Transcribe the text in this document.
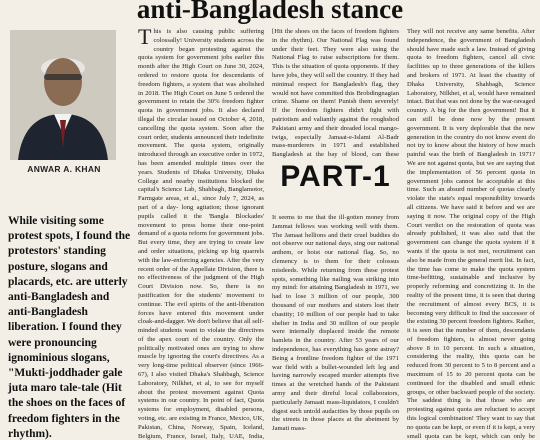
anti-Bangladesh stance
ANWAR A. KHAN
While visiting some protest spots, I found the protestors' standing posture, slogans and placards, etc. are utterly anti-Bangladesh and anti-Bangladesh liberation. I found they were pronouncing ignominious slogans, "Mukti-joddhader gale juta maro tale-tale (Hit the shoes on the faces of freedom fighters in the rhythm).

This is also causing public suffering colossally! University students across the country began protesting against the quota system for government jobs earlier this month after the High Court on June 30, 2024, ordered to restore quota for descendants of freedom fighters, a system that was abolished in 2018. The High Court on June 5 ordered the government to retain the 30% freedom fighter quota in government jobs. It also declared illegal the circular issued on October 4, 2018, cancelling the quota system. Soon after the court order, students announced their indefinite movement. The quota system, originally introduced through an executive order in 1972, has been amended multiple times over the years. Students of Dhaka University, Dhaka College and nearby institutions blocked the capital's Science Lab, Shahbagh, Banglamotor, Farmgate areas, et al., since July 7, 2024, as part of a day- long agitation; those ignorant pupils called it the 'Bangla Blockades' movement to press home their one-point demand of a quota reform for government jobs. But every time, they are trying to create law and order situations, picking up big quarrels with the law-enforcing agencies. After the very recent order of the Appellate Division, there is no effectiveness of the judgment of the High Court Division now. So, there is no justification for the students' movement to continue. The evil spirits of the anti-liberation forces have entered this movement under cloak-and-dagger. We don't believe that all self-minded students want to violate the directives of the apex court of the country. Only the politically motivated ones are trying to show muscle by ignoring the court's directives. As a very long-time political observer (since 1966-67), I also visited Dhaka's Shahbagh, Science Laboratory, Nilkhet, et al, to see for myself about the protest movement against Quota systems in our country. In point of fact, Quota systems for employment, disabled persons, voting, etc. are existing in France, Mexico, UK, Pakistan, China, Norway, Spain, Iceland, Belgium, France, Israel, Italy, UAE, India,

[Hit the shoes on the faces of freedom fighters in the rhythm). Our National Flag was found under their feet. They were also using the National Flag to raise subscriptions for them. This is the situation of quota opponents. If they have jobs, they will sell the country. If they had minimal respect for Bangladesh's flag, they would not have committed this Brobdingnagian crime. Shame on them! Punish them severely! If the freedom fighters didn't fight with patriotism and valiantly against the roughshod Pakistani army and their dreaded local mango-twigs, especially Jamaat-e-Islami Al-Badr mass-murderers in 1971 and established Bangladesh at the bay of blood, can these

PART-1

It seems to me that the ill-gotten money from Jammat fellows was working well with them. The Jamaat hellions and their cruel buddies do not observe our national days, sing our national anthem, or hoist our national flag. So, no clemency is to them for their colossus misdeeds. While returning from these protest spots, something like nailing was striking into my mind: for attaining Bangladesh in 1971, we had to lose 3 million of our people, 300 thousand of our mothers and sisters lost their chastity; 10 million of our people had to take shelter in India and 30 million of our people were internally displaced inside the remote hamlets in the country. After 53 years of our independence, has everything has gone astray? Being a frontline freedom fighter of the 1971 war field with a bullet-wounded left leg and having narrowly escaped murder attempts five times at the wretched hands of the Pakistani army and their direful local collaborators, particularly Jamaati mass-liquidators, I couldn't digest such untold audacities by those pupils on the streets in those places at the abetment by Jamati mass-

They will not receive any same benefits. After independence, the government of Bangladesh should have made such a law. Instead of giving quota to freedom fighters, cancel all civic facilities up to three generations of the killers and brokers of 1971. At least the chastity of Dhaka University, Shahbagh, Science Laboratory, Nilkhet, et al, would have remained intact. But that was not done by the war-ravaged country. A big for the then government! But it can still be done now by the present government. It is very deplorable that the new generation in the country do not know event do not try to know about the history of how much painful was the birth of Bangladesh in 1971? We are not against quota, but we are saying that the implementation of 56 percent quota in government jobs cannot be acceptable at this time. Such an absurd number of quotas clearly violate the state's equal responsibility towards all citizens. We have said it before and we are saying it now. The original copy of the High Court verdict on the restoration of quota was already published, it was also said that the government can change the quota system if it wants if the quota is not met, recruitment can also be made from the general merit list. In fact, the time has come to make the quota system time-befitting, sustainable and inclusive by properly reforming and concretizing it. In the reality of the present time, it is seen that during the recruitment of almost every BCS, it is becoming very difficult to find the successor of the existing 30 percent freedom fighters. Rather, it is seen that the number of them, descendants of freedom fighters, is almost never going above 8 to 10 percent. In such a situation, considering the reality, this quota can be reduced from 30 percent to 5 to 8 percent and a maximum of 15 to 20 percent quota can be continued for the disabled and small ethnic groups, or other backward people of the society. The saddest thing is that those who are protesting against quota are reluctant to accept this logical combination! They want to say that no quota can be kept, or even if it is kept, a very small quota can be kept, which can only be
